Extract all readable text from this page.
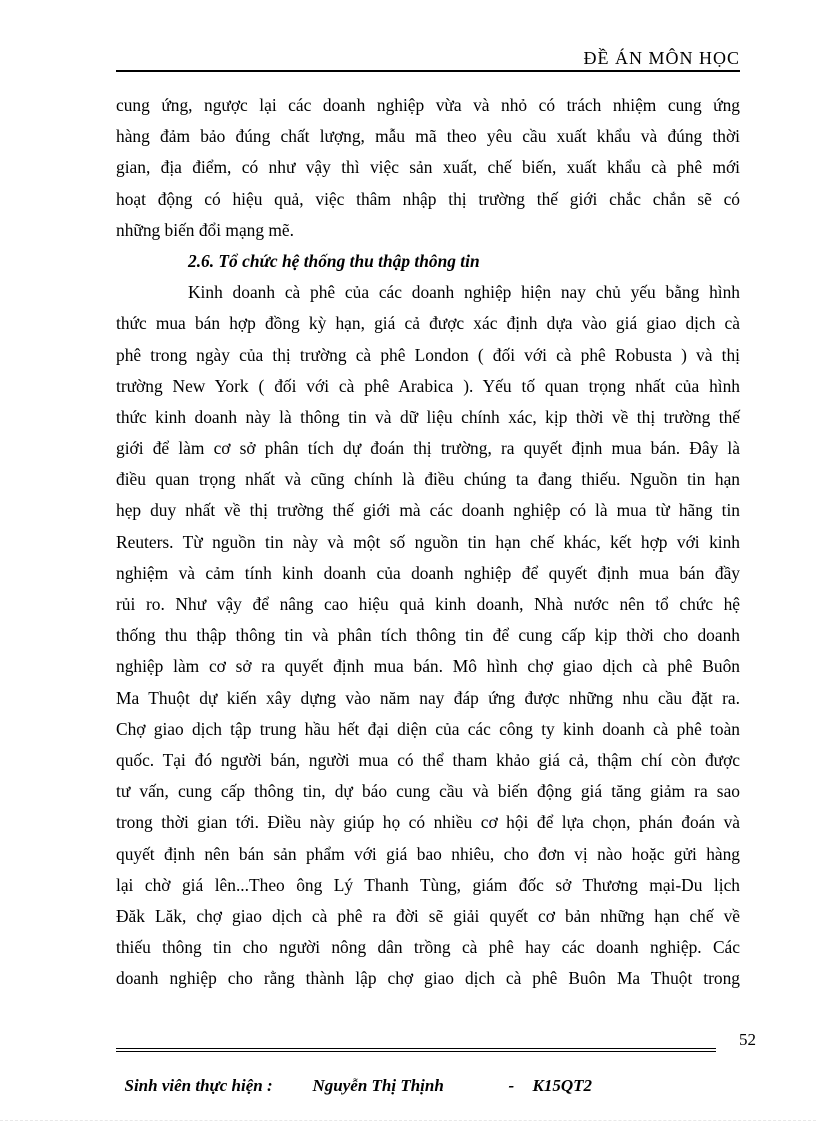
ĐỀ ÁN MÔN HỌC
cung ứng, ngược lại các doanh nghiệp vừa và nhỏ có trách nhiệm cung ứng
hàng đảm bảo đúng chất lượng, mẫu mã theo yêu cầu xuất khẩu và đúng thời
gian, địa điểm, có như vậy thì việc sản xuất, chế biến, xuất khẩu cà phê mới
hoạt động có hiệu quả, việc thâm nhập thị trường thế giới chắc chắn sẽ có
những biến đổi mạng mẽ.
2.6. Tổ chức hệ thống thu thập thông tin
Kinh doanh cà phê của các doanh nghiệp hiện nay chủ yếu bằng hình
thức mua bán hợp đồng kỳ hạn, giá cả được xác định dựa vào giá giao dịch cà
phê trong ngày của thị trường cà phê London ( đối với cà phê Robusta ) và thị
trường New York ( đối với cà phê Arabica ). Yếu tố quan trọng nhất của hình
thức kinh doanh này là thông tin và dữ liệu chính xác, kịp thời về thị trường thế
giới để làm cơ sở phân tích dự đoán thị trường, ra quyết định mua bán. Đây là
điều quan trọng nhất và cũng chính là điều chúng ta đang thiếu. Nguồn tin hạn
hẹp duy nhất về thị trường thế giới mà các doanh nghiệp có là mua từ hãng tin
Reuters. Từ nguồn tin này và một số nguồn tin hạn chế khác, kết hợp với kinh
nghiệm và cảm tính kinh doanh của doanh nghiệp để quyết định mua bán đầy
rủi ro. Như vậy để nâng cao hiệu quả kinh doanh, Nhà nước nên tổ chức hệ
thống thu thập thông tin và phân tích thông tin để cung cấp kịp thời cho doanh
nghiệp làm cơ sở ra quyết định mua bán. Mô hình chợ giao dịch cà phê Buôn
Ma Thuột dự kiến xây dựng vào năm nay đáp ứng được những nhu cầu đặt ra.
Chợ giao dịch tập trung hầu hết đại diện của các công ty kinh doanh cà phê toàn
quốc. Tại đó người bán, người mua có thể tham khảo giá cả, thậm chí còn được
tư vấn, cung cấp thông tin, dự báo cung cầu và biến động giá tăng giảm ra sao
trong thời gian tới. Điều này giúp họ có nhiều cơ hội để lựa chọn, phán đoán và
quyết định nên bán sản phẩm với giá bao nhiêu, cho đơn vị nào hoặc gửi hàng
lại chờ giá lên...Theo ông Lý Thanh Tùng, giám đốc sở Thương mại-Du lịch
Đăk Lăk, chợ giao dịch cà phê ra đời sẽ giải quyết cơ bản những hạn chế về
thiếu thông tin cho người nông dân trồng cà phê hay các doanh nghiệp. Các
doanh nghiệp cho rằng thành lập chợ giao dịch cà phê Buôn Ma Thuột trong
52

Sinh viên thực hiện : Nguyễn Thị Thịnh	- K15QT2
